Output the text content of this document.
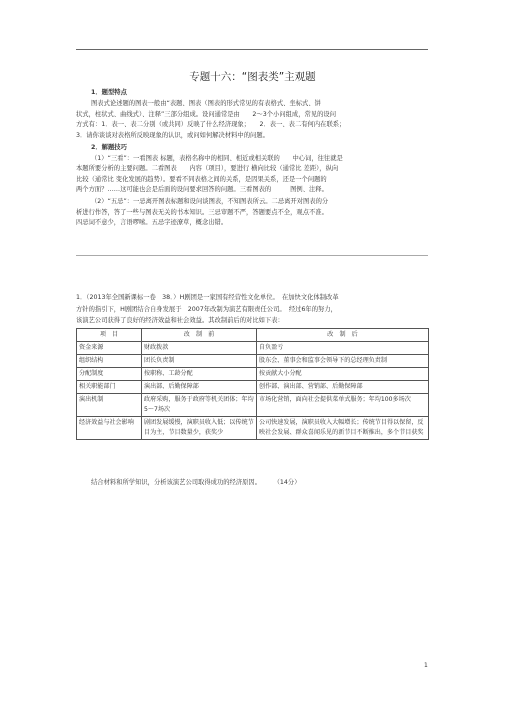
专题十六：“图表类”主观题
1．题型特点
图表式论述题的图表一般由“表题、图表（图表的形式常见的有表格式、坐标式、饼
状式，柱状式、曲线式）、注释”三部分组成。设问通常是由　　2～3个小问组成，常见的设问
方式有：1．表一、表二分别（或共同）反映了什么经济现象；　　2．表一、表二有何内在联系；
3．请你谈谈对表格所反映现象的认识，或问如何解决材料中的问题。
2．解题技巧
（1）“三看”：一看图表 标题，表格名称中的相同、相近或相关联的　　中心词，往往就是
本题所要分析的主要问题。二看图表　　内容（项目），要进行 横向比较（通常比 差距），纵向
比较（通常比 变化发展的趋势）。要看不同表格之间的关系，是因果关系，还是一个问题的
两个方面？……这可能也会是后面的设问要求回答的问题。三看图表的　　　图例、注释。
（2）“五忌”：一忌离开图表标题和设问谈图表，不知图表所云。二忌离开对图表的分
析进行作答，答了一些与图表无关的书本知识。三忌审题不严，答题要点不全，观点不准。
四忌词不意少，言语啰嗦。五忌字迹潦草，概念出错。
1．（2013年全国新课标一卷　38．）H剧团是一家国有经营性文化单位。　在加快文化体制改革
方针的指引下，H剧团结合自身发展于　2007年改制为演艺有限责任公司。　经过6年的努力，
该演艺公司获得了良好的经济效益和社会效益。其改制前后的对比如下表：
项　目	改　制　前	改　制　后
资金来源	财政拨款	自负盈亏
组织结构	团长负责制	股东会、董事会和监事会领导下的总经理负责制
分配制度	按职称、工龄分配	按贡献大小分配
相关职能部门	演出部、后勤保障部	创作部、演出部、营销部、后勤保障部
演出机制	政府采购，服务于政府等机关团体；年均　5～7场次	市场化营销，面向社会提供菜单式服务；年均100多场次
经济效益与社会影响	剧团发展缓慢，演职员收入低；以传统节目为主，节目数量少，获奖少	公司快速发展，演职员收入大幅增长；传统节目得以保留，反映社会发展、群众喜闻乐见的新节目不断推出，多个节目获奖
结合材料和所学知识，分析该演艺公司取得成功的经济原因。　　　（14分）
1
